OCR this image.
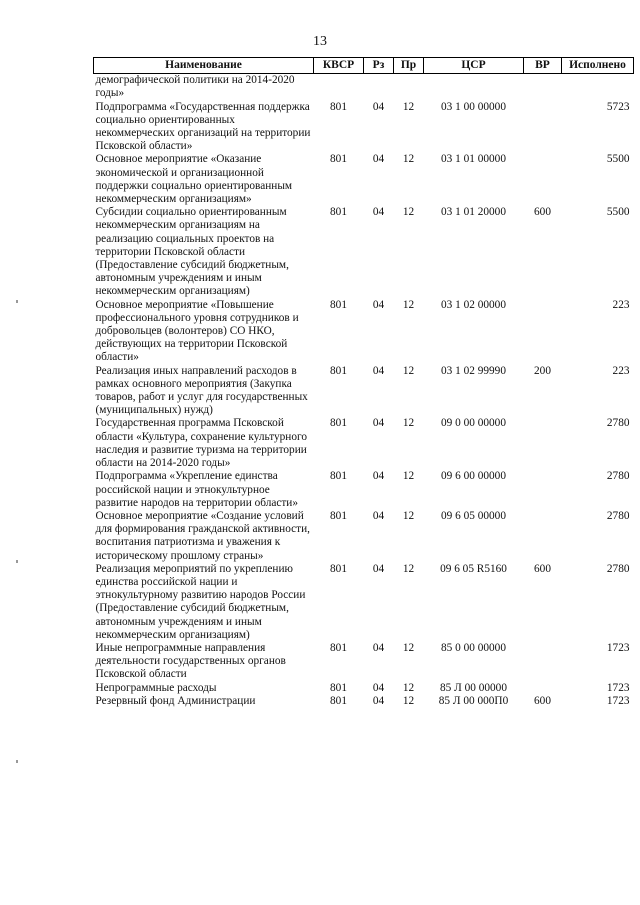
13
Наименование	КВСР	Рз	Пр	ЦСР	ВР	Исполнено
демографической политики на 2014-2020 годы»						
Подпрограмма «Государственная поддержка социально ориентированных некоммерческих организаций на территории Псковской области»	801	04	12	03 1 00 00000		5723
Основное мероприятие «Оказание экономической и организационной поддержки социально ориентированным некоммерческим организациям»	801	04	12	03 1 01 00000		5500
Субсидии социально ориентированным некоммерческим организациям на реализацию социальных проектов на территории Псковской области (Предоставление субсидий бюджетным, автономным учреждениям и иным некоммерческим организациям)	801	04	12	03 1 01 20000	600	5500
Основное мероприятие «Повышение профессионального уровня сотрудников и добровольцев (волонтеров) СО НКО, действующих на территории Псковской области»	801	04	12	03 1 02 00000		223
Реализация иных направлений расходов в рамках основного мероприятия (Закупка товаров, работ и услуг для государственных (муниципальных) нужд)	801	04	12	03 1 02 99990	200	223
Государственная программа Псковской области «Культура, сохранение культурного наследия и развитие туризма на территории области на 2014-2020 годы»	801	04	12	09 0 00 00000		2780
Подпрограмма «Укрепление единства российской нации и этнокультурное развитие народов на территории области»	801	04	12	09 6 00 00000		2780
Основное мероприятие «Создание условий для формирования гражданской активности, воспитания патриотизма и уважения к историческому прошлому страны»	801	04	12	09 6 05 00000		2780
Реализация мероприятий по укреплению единства российской нации и этнокультурному развитию народов России (Предоставление субсидий бюджетным, автономным учреждениям и иным некоммерческим организациям)	801	04	12	09 6 05 R5160	600	2780
Иные непрограммные направления деятельности государственных органов Псковской области	801	04	12	85 0 00 00000		1723
Непрограммные расходы	801	04	12	85 Л 00 00000		1723
Резервный фонд Администрации	801	04	12	85 Л 00 000П0	600	1723
